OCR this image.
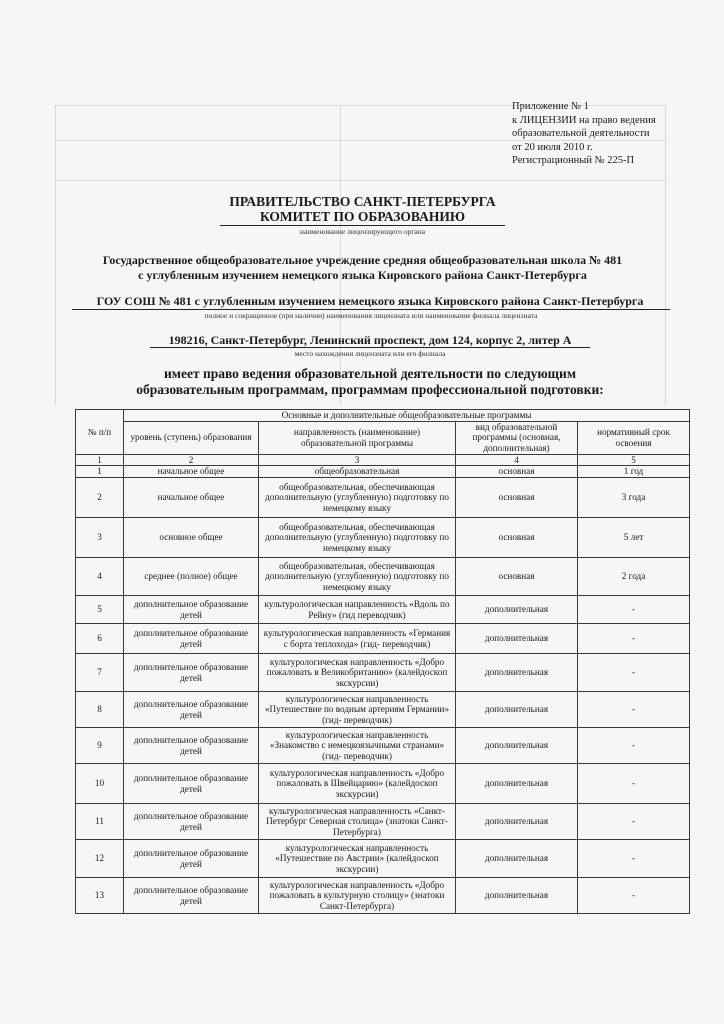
Приложение № 1
к ЛИЦЕНЗИИ на право ведения
образовательной деятельности
от 20 июля 2010 г.
Регистрационный № 225-П
ПРАВИТЕЛЬСТВО САНКТ-ПЕТЕРБУРГА
КОМИТЕТ ПО ОБРАЗОВАНИЮ
наименование лицензирующего органа
Государственное общеобразовательное учреждение средняя общеобразовательная школа № 481
с углубленным изучением немецкого языка Кировского района Санкт-Петербурга
ГОУ СОШ № 481 с углубленным изучением немецкого языка Кировского района Санкт-Петербурга
полное и сокращенное (при наличии) наименования лицензиата или наименование филиала лицензиата
198216, Санкт-Петербург, Ленинский проспект, дом 124, корпус 2, литер А
место нахождения лицензиата или его филиала
имеет право ведения образовательной деятельности по следующим
образовательным программам, программам профессиональной подготовки:
№ п/п	Основные и дополнительные общеобразовательные программы			
	уровень (ступень) образования	направленность (наименование) образовательной программы	вид образовательной программы (основная, дополнительная)	нормативный срок освоения
1	2	3	4	5
1	начальное общее	общеобразовательная	основная	1 год
2	начальное общее	общеобразовательная, обеспечивающая дополнительную (углубленную) подготовку по немецкому языку	основная	3 года
3	основное общее	общеобразовательная, обеспечивающая дополнительную (углубленную) подготовку по немецкому языку	основная	5 лет
4	среднее (полное) общее	общеобразовательная, обеспечивающая дополнительную (углубленную) подготовку по немецкому языку	основная	2 года
5	дополнительное образование детей	культурологическая направленность «Вдоль по Рейну» (гид переводчик)	дополнительная	-
6	дополнительное образование детей	культурологическая направленность «Германия с борта теплохода» (гид- переводчик)	дополнительная	-
7	дополнительное образование детей	культурологическая направленность «Добро пожаловать в Великобританию» (калейдоскоп экскурсии)	дополнительная	-
8	дополнительное образование детей	культурологическая направленность «Путешествие по водным артериям Германии» (гид- переводчик)	дополнительная	-
9	дополнительное образование детей	культурологическая направленность «Знакомство с немецкоязычными странами» (гид- переводчик)	дополнительная	-
10	дополнительное образование детей	культурологическая направленность «Добро пожаловать в Швейцарию» (калейдоскоп экскурсии)	дополнительная	-
11	дополнительное образование детей	культурологическая направленность «Санкт-Петербург Северная столица» (знатоки Санкт-Петербурга)	дополнительная	-
12	дополнительное образование детей	культурологическая направленность «Путешествие по Австрии» (калейдоскоп экскурсии)	дополнительная	-
13	дополнительное образование детей	культурологическая направленность «Добро пожаловать в культурную столицу» (знатоки Санкт-Петербурга)	дополнительная	-
